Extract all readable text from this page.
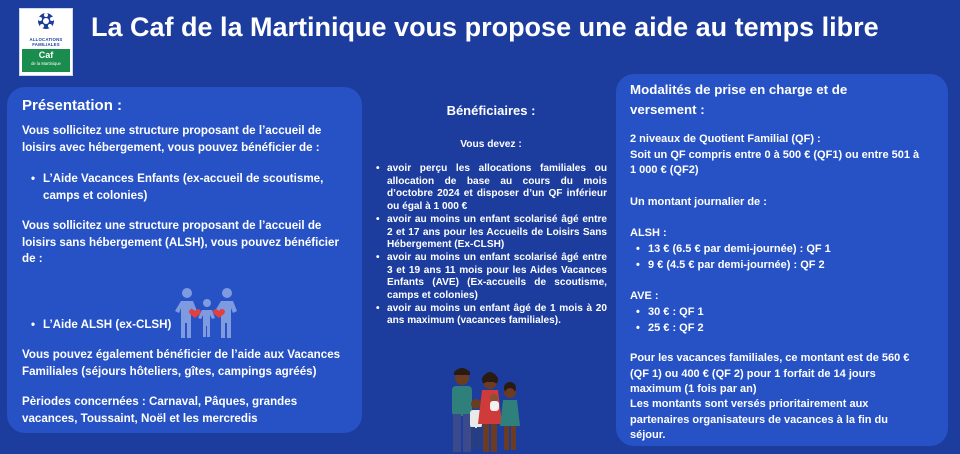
ALLOCATIONS
FAMILIALES
Caf
de la Martinique
La Caf de la Martinique vous propose une aide au temps libre
Présentation :
Vous sollicitez une structure proposant de l’accueil de
loisirs avec hébergement, vous pouvez bénéficier de :
• L’Aide Vacances Enfants (ex-accueil de scoutisme,
camps et colonies)
Vous sollicitez une structure proposant de l’accueil de
loisirs sans hébergement (ALSH), vous pouvez bénéficier
de :
• L’Aide ALSH (ex-CLSH)
Vous pouvez également bénéficier de l’aide aux Vacances
Familiales (séjours hôteliers, gîtes, campings agréés)
Pèriodes concernées : Carnaval, Pâques, grandes
vacances, Toussaint, Noël et les mercredis
Bénéficiaires :
Vous devez :
• avoir perçu les allocations familiales ou allocation de base au cours du mois d’octobre 2024 et disposer d’un QF inférieur ou égal à 1 000 €
• avoir au moins un enfant scolarisé âgé entre 2 et 17 ans pour les Accueils de Loisirs Sans Hébergement (Ex-CLSH)
• avoir au moins un enfant scolarisé âgé entre 3 et 19 ans 11 mois pour les Aides Vacances Enfants (AVE) (Ex-accueils de scoutisme, camps et colonies)
• avoir au moins un enfant âgé de 1 mois à 20 ans maximum (vacances familiales).
Modalités de prise en charge et de
versement :
2 niveaux de Quotient Familial (QF) :
Soit un QF compris entre 0 à 500 € (QF1) ou entre 501 à
1 000 € (QF2)
Un montant journalier de :
ALSH :
• 13 € (6.5 € par demi-journée) : QF 1
• 9 € (4.5 € par demi-journée) : QF 2
AVE :
• 30 € : QF 1
• 25 € : QF 2
Pour les vacances familiales, ce montant est de 560 €
(QF 1) ou 400 € (QF 2) pour 1 forfait de 14 jours
maximum (1 fois par an)
Les montants sont versés prioritairement aux
partenaires organisateurs de vacances à la fin du
séjour.
